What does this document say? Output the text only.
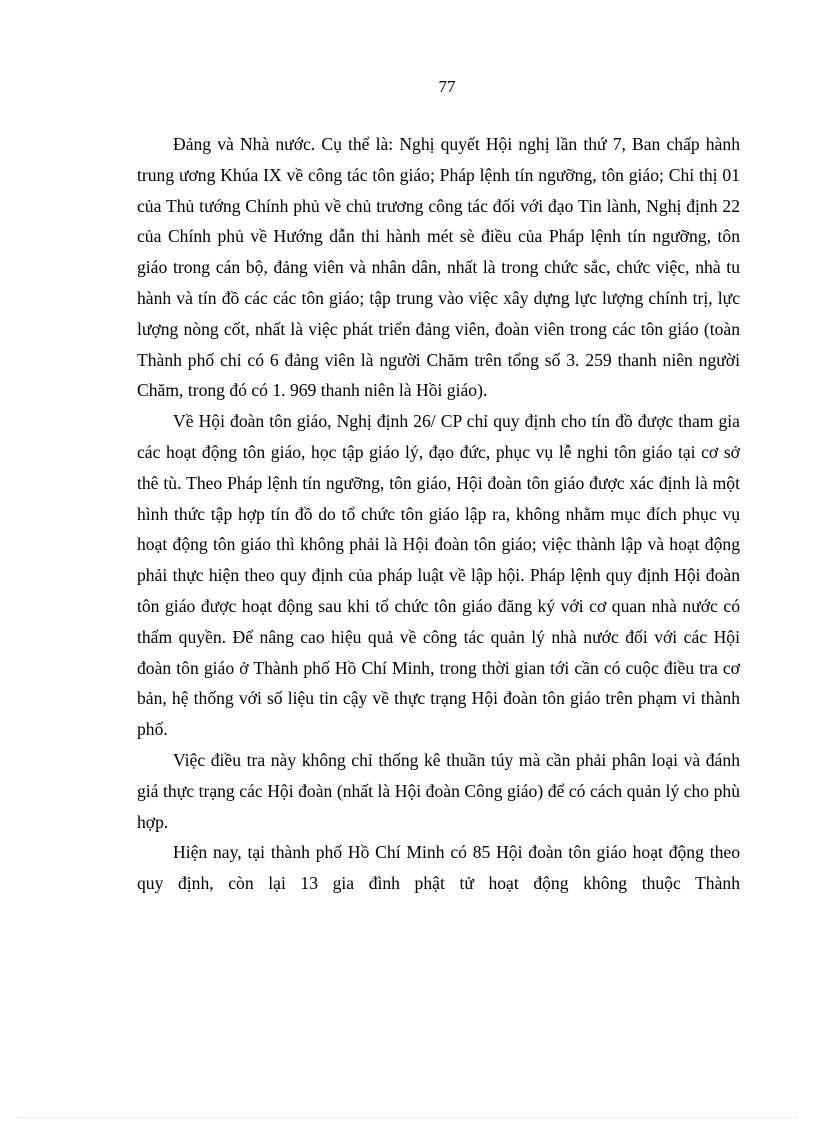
77

Đảng và Nhà nước. Cụ thể là: Nghị quyết Hội nghị lần thứ 7, Ban chấp hành trung ương Khúa IX về công tác tôn giáo; Pháp lệnh tín ngưỡng, tôn giáo; Chỉ thị 01 của Thủ tướng Chính phủ về chủ trương công tác đối với đạo Tin lành, Nghị định 22 của Chính phủ về Hướng dẫn thi hành mét sè điều của Pháp lệnh tín ngưỡng, tôn giáo trong cán bộ, đảng viên và nhân dân, nhất là trong chức sắc, chức việc, nhà tu hành và tín đồ các các tôn giáo; tập trung vào việc xây dựng lực lượng chính trị, lực lượng nòng cốt, nhất là việc phát triển đảng viên, đoàn viên trong các tôn giáo (toàn Thành phố chỉ có 6 đảng viên là người Chăm trên tổng số 3. 259 thanh niên người Chăm, trong đó có 1. 969 thanh niên là Hồi giáo).

Về Hội đoàn tôn giáo, Nghị định 26/ CP chỉ quy định cho tín đồ được tham gia các hoạt động tôn giáo, học tập giáo lý, đạo đức, phục vụ lễ nghi tôn giáo tại cơ sở thê tù. Theo Pháp lệnh tín ngưỡng, tôn giáo, Hội đoàn tôn giáo được xác định là một hình thức tập hợp tín đồ do tổ chức tôn giáo lập ra, không nhằm mục đích phục vụ hoạt động tôn giáo thì không phải là Hội đoàn tôn giáo; việc thành lập và hoạt động phải thực hiện theo quy định của pháp luật về lập hội. Pháp lệnh quy định Hội đoàn tôn giáo được hoạt động sau khi tổ chức tôn giáo đăng ký với cơ quan nhà nước có thẩm quyền. Để nâng cao hiệu quả về công tác quản lý nhà nước đối với các Hội đoàn tôn giáo ở Thành phố Hồ Chí Minh, trong thời gian tới cần có cuộc điều tra cơ bản, hệ thống với số liệu tin cậy về thực trạng Hội đoàn tôn giáo trên phạm vi thành phố.

Việc điều tra này không chỉ thống kê thuần túy mà cần phải phân loại và đánh giá thực trạng các Hội đoàn (nhất là Hội đoàn Công giáo) để có cách quản lý cho phù hợp.

Hiện nay, tại thành phố Hồ Chí Minh có 85 Hội đoàn tôn giáo hoạt động theo quy định, còn lại 13 gia đình phật tử hoạt động không thuộc Thành
